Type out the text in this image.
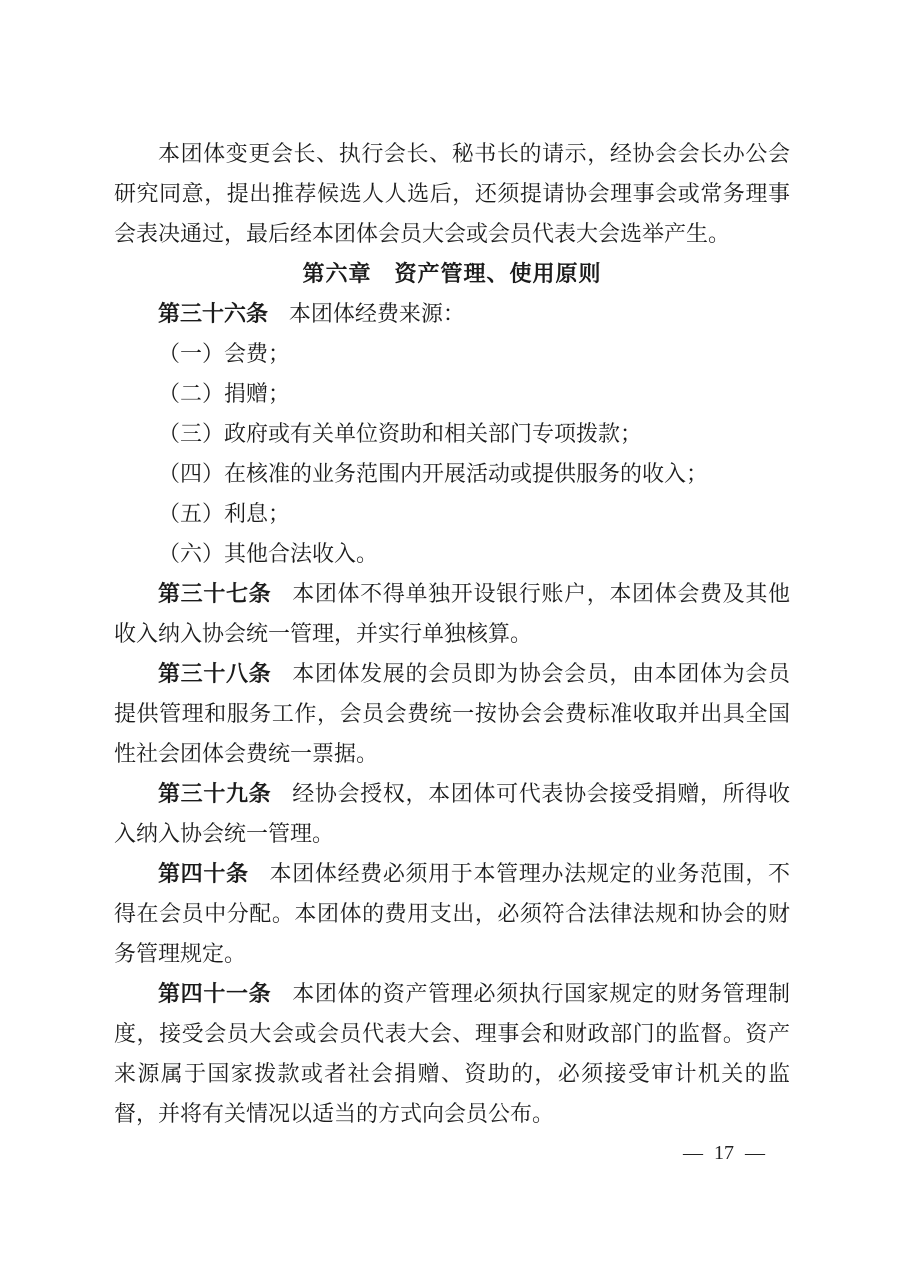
本团体变更会长、执行会长、秘书长的请示，经协会会长办公会研究同意，提出推荐候选人人选后，还须提请协会理事会或常务理事会表决通过，最后经本团体会员大会或会员代表大会选举产生。

第六章　资产管理、使用原则

第三十六条 本团体经费来源：

（一）会费；

（二）捐赠；

（三）政府或有关单位资助和相关部门专项拨款；

（四）在核准的业务范围内开展活动或提供服务的收入；

（五）利息；

（六）其他合法收入。

第三十七条 本团体不得单独开设银行账户，本团体会费及其他收入纳入协会统一管理，并实行单独核算。

第三十八条 本团体发展的会员即为协会会员，由本团体为会员提供管理和服务工作，会员会费统一按协会会费标准收取并出具全国性社会团体会费统一票据。

第三十九条 经协会授权，本团体可代表协会接受捐赠，所得收入纳入协会统一管理。

第四十条 本团体经费必须用于本管理办法规定的业务范围，不得在会员中分配。本团体的费用支出，必须符合法律法规和协会的财务管理规定。

第四十一条 本团体的资产管理必须执行国家规定的财务管理制度，接受会员大会或会员代表大会、理事会和财政部门的监督。资产来源属于国家拨款或者社会捐赠、资助的，必须接受审计机关的监督，并将有关情况以适当的方式向会员公布。

— 17 —
